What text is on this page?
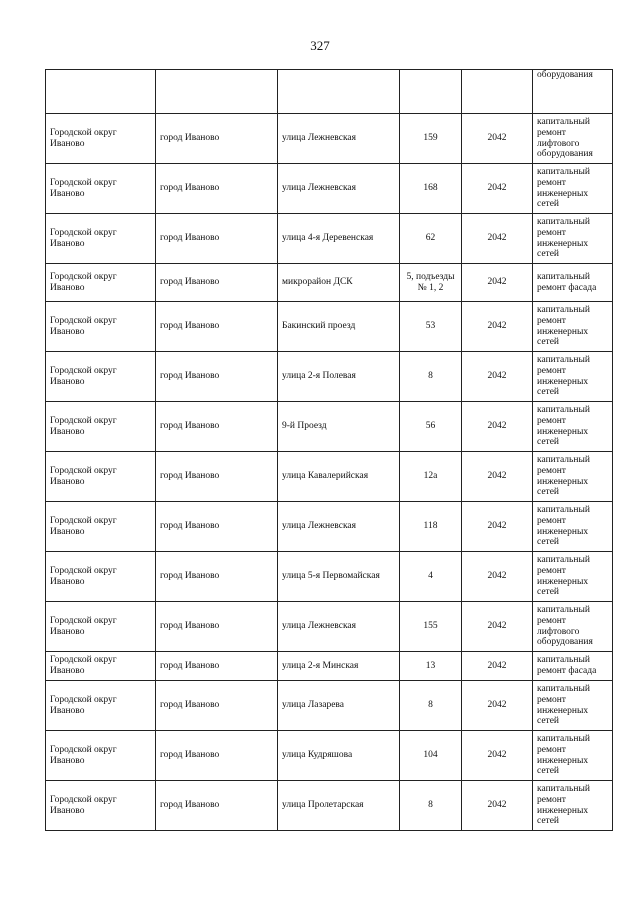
327
					оборудования
Городской округ Иваново	город Иваново	улица Лежневская	159	2042	капитальный ремонт лифтового оборудования
Городской округ Иваново	город Иваново	улица Лежневская	168	2042	капитальный ремонт инженерных сетей
Городской округ Иваново	город Иваново	улица 4-я Деревенская	62	2042	капитальный ремонт инженерных сетей
Городской округ Иваново	город Иваново	микрорайон ДСК	5, подъезды № 1, 2	2042	капитальный ремонт фасада
Городской округ Иваново	город Иваново	Бакинский проезд	53	2042	капитальный ремонт инженерных сетей
Городской округ Иваново	город Иваново	улица 2-я Полевая	8	2042	капитальный ремонт инженерных сетей
Городской округ Иваново	город Иваново	9-й Проезд	56	2042	капитальный ремонт инженерных сетей
Городской округ Иваново	город Иваново	улица Кавалерийская	12а	2042	капитальный ремонт инженерных сетей
Городской округ Иваново	город Иваново	улица Лежневская	118	2042	капитальный ремонт инженерных сетей
Городской округ Иваново	город Иваново	улица 5-я Первомайская	4	2042	капитальный ремонт инженерных сетей
Городской округ Иваново	город Иваново	улица Лежневская	155	2042	капитальный ремонт лифтового оборудования
Городской округ Иваново	город Иваново	улица 2-я Минская	13	2042	капитальный ремонт фасада
Городской округ Иваново	город Иваново	улица Лазарева	8	2042	капитальный ремонт инженерных сетей
Городской округ Иваново	город Иваново	улица Кудряшова	104	2042	капитальный ремонт инженерных сетей
Городской округ Иваново	город Иваново	улица Пролетарская	8	2042	капитальный ремонт инженерных сетей
